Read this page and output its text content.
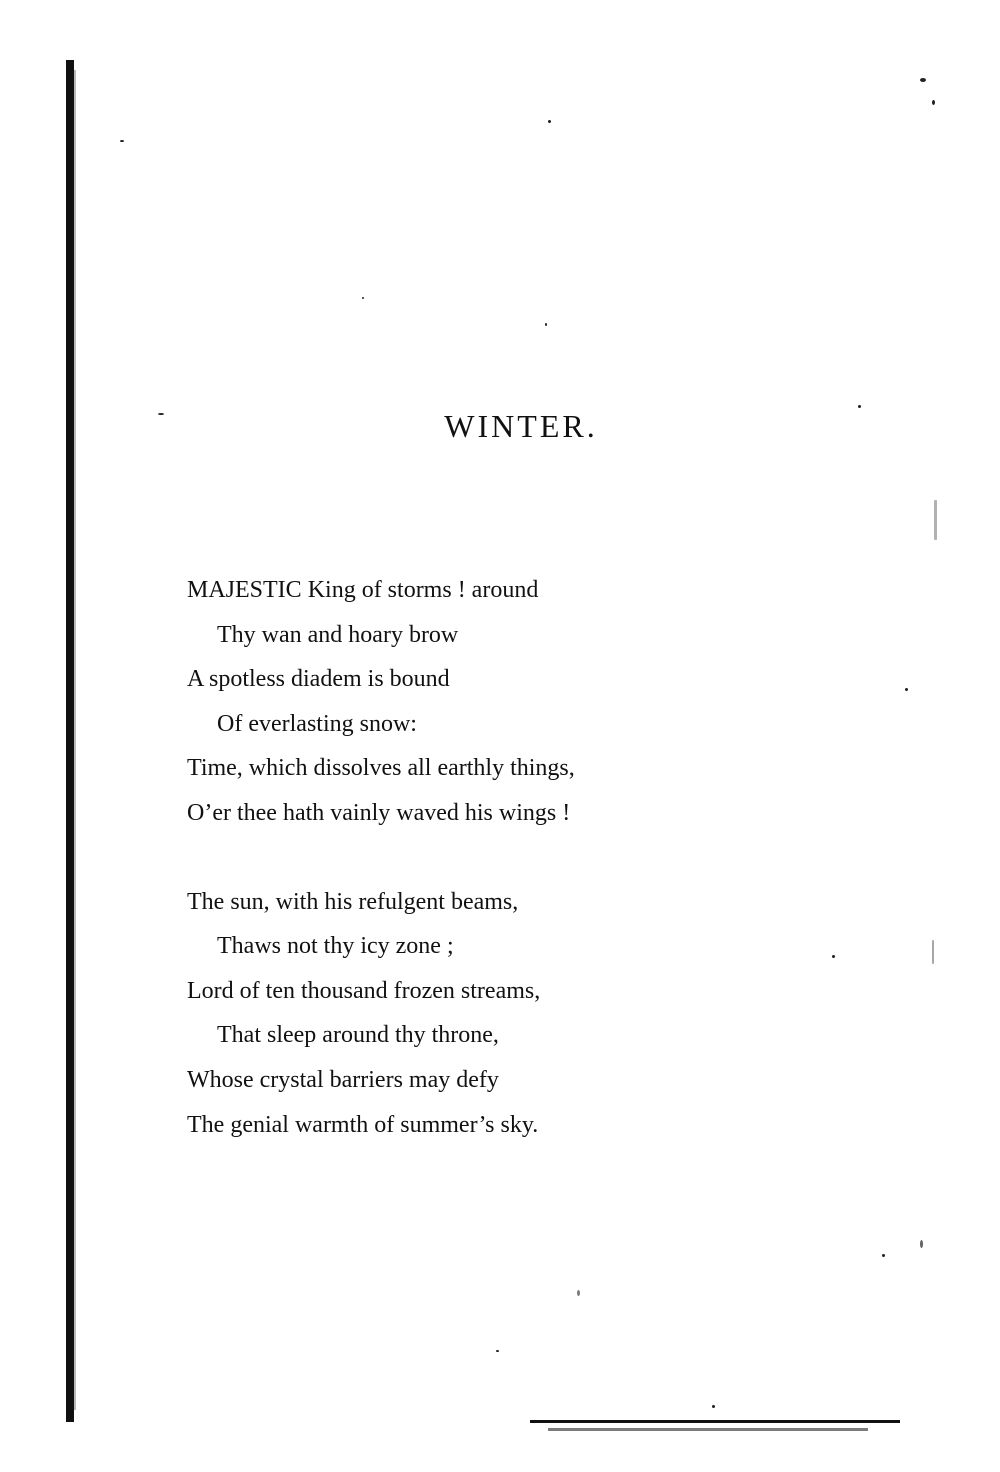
WINTER.
MAJESTIC King of storms ! around
Thy wan and hoary brow
A spotless diadem is bound
Of everlasting snow:
Time, which dissolves all earthly things,
O’er thee hath vainly waved his wings !
The sun, with his refulgent beams,
Thaws not thy icy zone ;
Lord of ten thousand frozen streams,
That sleep around thy throne,
Whose crystal barriers may defy
The genial warmth of summer’s sky.
